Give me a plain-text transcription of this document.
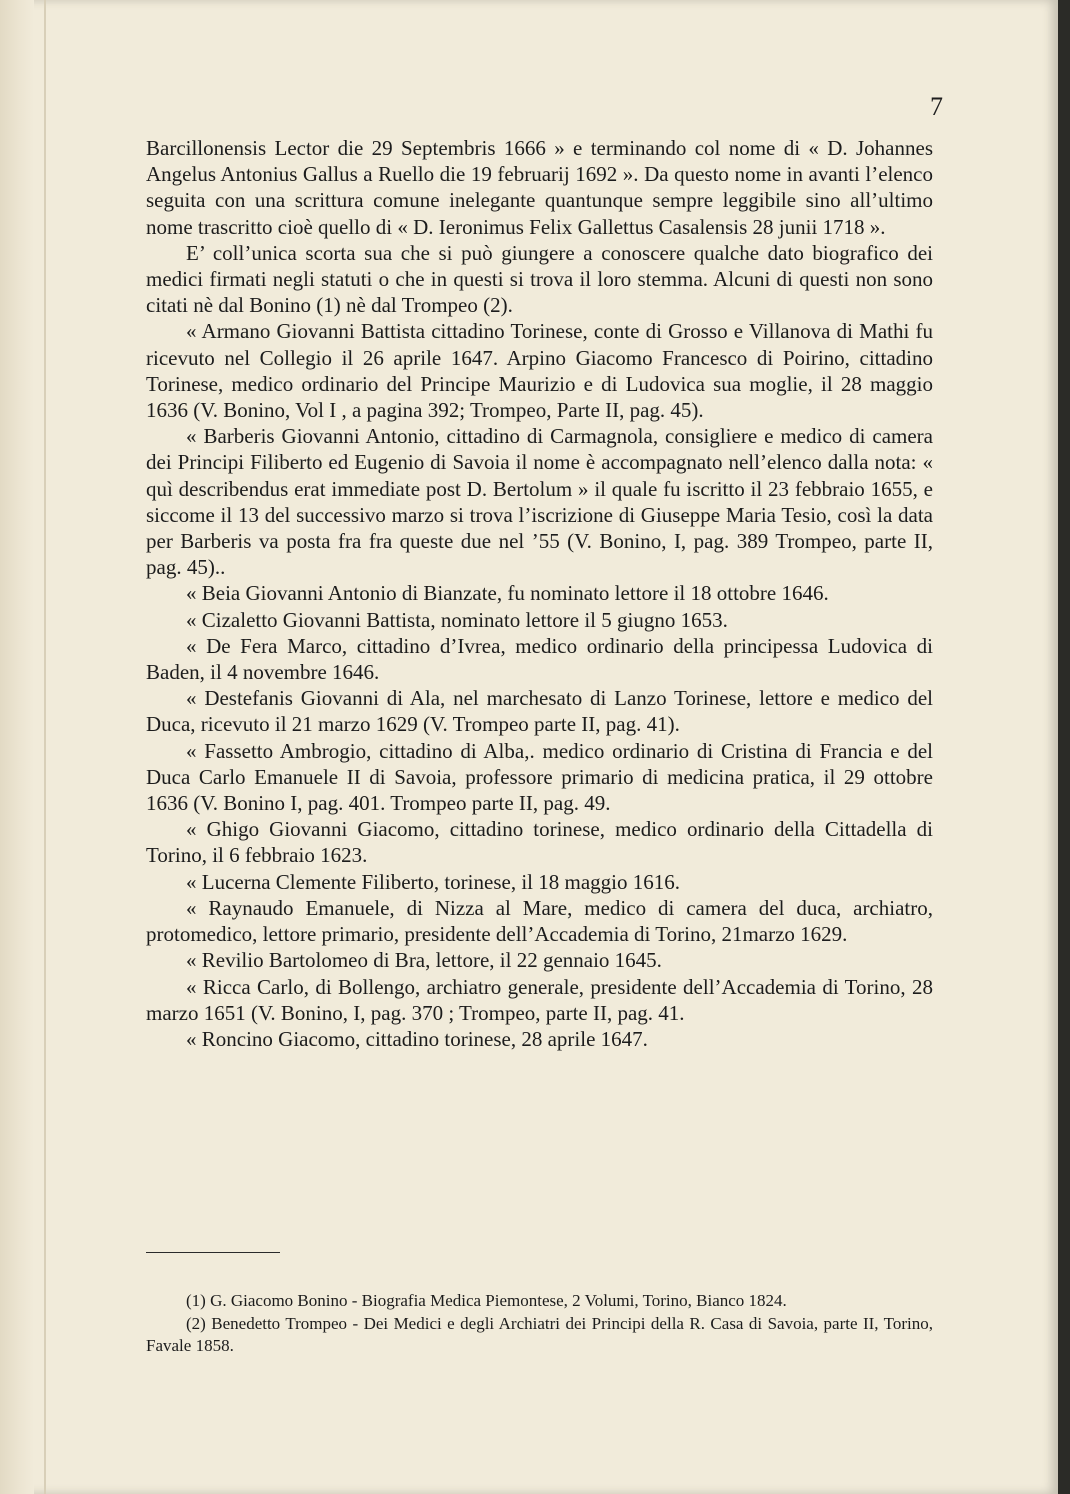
7

Barcillonensis Lector die 29 Septembris 1666 » e terminando col nome di « D. Johannes Angelus Antonius Gallus a Ruello die 19 februarij 1692 ». Da questo nome in avanti l’elenco seguita con una scrittura comune inelegante quantunque sempre leggibile sino all’ultimo nome trascritto cioè quello di « D. Ieronimus Felix Gallettus Casalensis 28 junii 1718 ».

E’ coll’unica scorta sua che si può giungere a conoscere qualche dato biografico dei medici firmati negli statuti o che in questi si trova il loro stemma. Alcuni di questi non sono citati nè dal Bonino (1) nè dal Trompeo (2).

« Armano Giovanni Battista cittadino Torinese, conte di Grosso e Villanova di Mathi fu ricevuto nel Collegio il 26 aprile 1647. Arpino Giacomo Francesco di Poirino, cittadino Torinese, medico ordinario del Principe Maurizio e di Ludovica sua moglie, il 28 maggio 1636 (V. Bonino, Vol I , a pagina 392; Trompeo, Parte II, pag. 45).

« Barberis Giovanni Antonio, cittadino di Carmagnola, consigliere e medico di camera dei Principi Filiberto ed Eugenio di Savoia il nome è accompagnato nell’elenco dalla nota: « quì describendus erat immediate post D. Bertolum » il quale fu iscritto il 23 febbraio 1655, e siccome il 13 del successivo marzo si trova l’iscrizione di Giuseppe Maria Tesio, così la data per Barberis va posta fra fra queste due nel ’55 (V. Bonino, I, pag. 389 Trompeo, parte II, pag. 45)..

« Beia Giovanni Antonio di Bianzate, fu nominato lettore il 18 ottobre 1646.

« Cizaletto Giovanni Battista, nominato lettore il 5 giugno 1653.

« De Fera Marco, cittadino d’Ivrea, medico ordinario della principessa Ludovica di Baden, il 4 novembre 1646.

« Destefanis Giovanni di Ala, nel marchesato di Lanzo Torinese, lettore e medico del Duca, ricevuto il 21 marzo 1629 (V. Trompeo parte II, pag. 41).

« Fassetto Ambrogio, cittadino di Alba,. medico ordinario di Cristina di Francia e del Duca Carlo Emanuele II di Savoia, professore primario di medicina pratica, il 29 ottobre 1636 (V. Bonino I, pag. 401. Trompeo parte II, pag. 49.

« Ghigo Giovanni Giacomo, cittadino torinese, medico ordinario della Cittadella di Torino, il 6 febbraio 1623.

« Lucerna Clemente Filiberto, torinese, il 18 maggio 1616.

« Raynaudo Emanuele, di Nizza al Mare, medico di camera del duca, archiatro, protomedico, lettore primario, presidente dell’Accademia di Torino, 21marzo 1629.

« Revilio Bartolomeo di Bra, lettore, il 22 gennaio 1645.

« Ricca Carlo, di Bollengo, archiatro generale, presidente dell’Accademia di Torino, 28 marzo 1651 (V. Bonino, I, pag. 370 ; Trompeo, parte II, pag. 41.

« Roncino Giacomo, cittadino torinese, 28 aprile 1647.

(1) G. Giacomo Bonino - Biografia Medica Piemontese, 2 Volumi, Torino, Bianco 1824.

(2) Benedetto Trompeo - Dei Medici e degli Archiatri dei Principi della R. Casa di Savoia, parte II, Torino, Favale 1858.
